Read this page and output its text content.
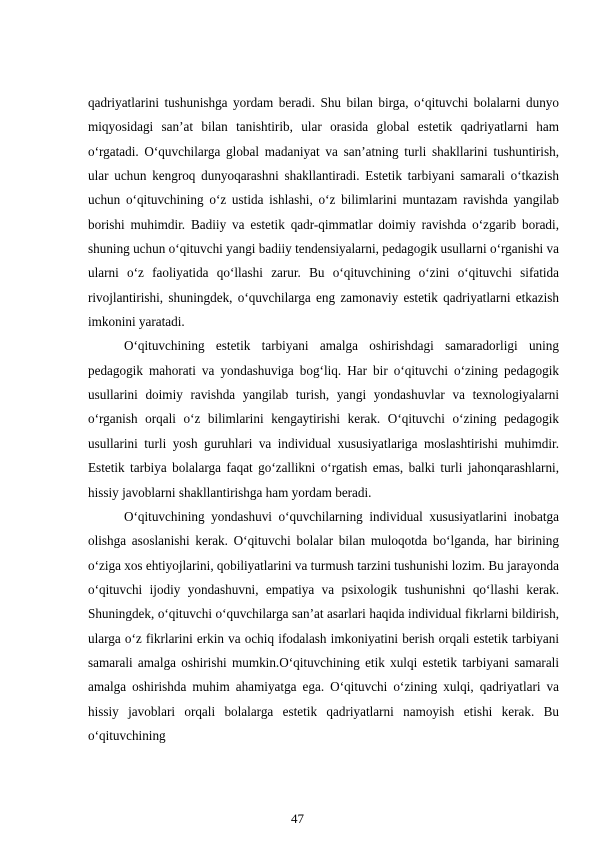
qadriyatlarini tushunishga yordam beradi. Shu bilan birga, o‘qituvchi bolalarni dunyo miqyosidagi san’at bilan tanishtirib, ular orasida global estetik qadriyatlarni ham o‘rgatadi. O‘quvchilarga global madaniyat va san’atning turli shakllarini tushuntirish, ular uchun kengroq dunyoqarashni shakllantiradi. Estetik tarbiyani samarali o‘tkazish uchun o‘qituvchining o‘z ustida ishlashi, o‘z bilimlarini muntazam ravishda yangilab borishi muhimdir. Badiiy va estetik qadr-qimmatlar doimiy ravishda o‘zgarib boradi, shuning uchun o‘qituvchi yangi badiiy tendensiyalarni, pedagogik usullarni o‘rganishi va ularni o‘z faoliyatida qo‘llashi zarur. Bu o‘qituvchining o‘zini o‘qituvchi sifatida rivojlantirishi, shuningdek, o‘quvchilarga eng zamonaviy estetik qadriyatlarni etkazish imkonini yaratadi.

O‘qituvchining estetik tarbiyani amalga oshirishdagi samaradorligi uning pedagogik mahorati va yondashuviga bog‘liq. Har bir o‘qituvchi o‘zining pedagogik usullarini doimiy ravishda yangilab turish, yangi yondashuvlar va texnologiyalarni o‘rganish orqali o‘z bilimlarini kengaytirishi kerak. O‘qituvchi o‘zining pedagogik usullarini turli yosh guruhlari va individual xususiyatlariga moslashtirishi muhimdir. Estetik tarbiya bolalarga faqat go‘zallikni o‘rgatish emas, balki turli jahonqarashlarni, hissiy javoblarni shakllantirishga ham yordam beradi.

O‘qituvchining yondashuvi o‘quvchilarning individual xususiyatlarini inobatga olishga asoslanishi kerak. O‘qituvchi bolalar bilan muloqotda bo‘lganda, har birining o‘ziga xos ehtiyojlarini, qobiliyatlarini va turmush tarzini tushunishi lozim. Bu jarayonda o‘qituvchi ijodiy yondashuvni, empatiya va psixologik tushunishni qo‘llashi kerak. Shuningdek, o‘qituvchi o‘quvchilarga san’at asarlari haqida individual fikrlarni bildirish, ularga o‘z fikrlarini erkin va ochiq ifodalash imkoniyatini berish orqali estetik tarbiyani samarali amalga oshirishi mumkin.O‘qituvchining etik xulqi estetik tarbiyani samarali amalga oshirishda muhim ahamiyatga ega. O‘qituvchi o‘zining xulqi, qadriyatlari va hissiy javoblari orqali bolalarga estetik qadriyatlarni namoyish etishi kerak. Bu o‘qituvchining

47
